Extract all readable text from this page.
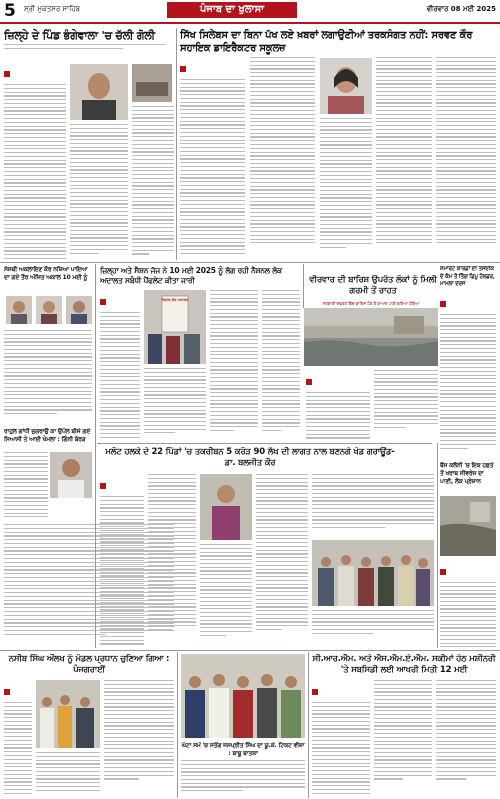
5 ਸ੍ਰੀ ਮੁਕਤਸਰ ਸਾਹਿਬ	ਪੰਜਾਬ ਦਾ ਖੁਲਾਸਾ	ਵੀਰਵਾਰ 08 ਮਈ 2025
ਜ਼ਿਲ੍ਹੇ ਦੇ ਪਿੰਡ ਭੰਗੇਵਾਲਾ 'ਚ ਚੱਲੀ ਗੋਲੀ	ਸਿੱਖ ਸਿਲੇਬਸ ਦਾ ਬਿਨਾ ਪੱਖ ਲਏ ਖ਼ਬਰਾਂ ਲਗਾਉਣੀਆਂ ਤਰਕਸੰਗਤ ਨਹੀਂ: ਸਰਵਣ ਕੌਰ ਸਹਾਇਕ ਡਾਇਰੈਕਟਰ ਸਕੂਲਜ਼
ਸੰਸਥੀ ਅਕਲਾਇਣ ਕੌਰ ਨਸ਼ਿਆ ਪਾਇਆ ਦਾ ਗਏ ਤੌਰ ਅੱਜਿਤ ਅਕਾਲ 10 ਮਈ ਨੂੰ
ਰਾਹੁਲ ਗਾਂਧੀ ਜੁਗਰਾਉ ਕਾ ਉਪੱਲ ਬੀਜੇ ਗਏ ਸਿਆਸੀ ਤੇ ਆਈ ਖੇਮਲਾ : ਗਿੰਨੀ ਬੱਰੜ
ਜ਼ਿਲ੍ਹਾ ਅਤੇ ਸੈਸ਼ਨ ਜੱਜ ਨੇ 10 ਮਈ 2025 ਨੂੰ ਲੱਗ ਰਹੀ ਨੈਸ਼ਨਲ ਲੋਕ ਅਦਾਲਤ ਸਬੰਧੀ ਪੈਂਫਲੇਟ ਕੀਤਾ ਜਾਰੀ
ਨੈਸ਼ਨਲ ਲੋਕ ਅਦਾਲਤ
ਵੀਰਵਾਰ ਦੀ ਬਾਰਿਸ਼ ਉਪਰੰਤ ਲੋਕਾਂ ਨੂੰ ਮਿਲੀ ਗਰਮੀ ਤੋਂ ਰਾਹਤ
ਸਮਾਰਟ ਕਾਰਡਾਂ ਦੀ ਤਸਦੀਕ ਦੇ ਕੰਮ ਤੋਂ ਤਿੰਗ ਡਿਪੂ ਹੋਲਡਰ, ਮਾਮਲਾ ਦਰਜ
ਸਰਕਾਰੀ ਦਫ਼ਤਰ ਵਿੱਚ ਬਾਰਿਸ਼ ਹੋਣ ਤੋਂ ਬਾਅਦ ਪਾਣੀ ਭਰਿਆ ਹੋਇਆ
ਮਲੋਟ ਹਲਕੇ ਦੇ 22 ਪਿੰਡਾਂ 'ਚ ਤਕਰੀਬਨ 5 ਕਰੋੜ 90 ਲੱਖ ਦੀ ਲਾਗਤ ਨਾਲ ਬਣਨਗੇ ਖੇਡ ਗਰਾਊਂਡ- ਡਾ. ਬਲਜੀਤ ਕੌਰ	ਬੈਂਸ ਕਲੋਨੀ 'ਚ ਇਕ ਹਫ਼ਤੇ ਤੋਂ ਖਰਾਬ ਸੀਵਰੇਜ ਦਾ ਪਾਣੀ, ਲੋਕ ਪ੍ਰੇਸ਼ਾਨ
ਨਸੀਬ ਸਿੰਘ ਔਲਖ ਨੂੰ ਮੰਡਲ ਪ੍ਰਧਾਨ ਚੁਣਿਆ ਗਿਆ : ਪੰਜਗਰਾਈਂ
ਘੱਟਾ ਸਮੇਂ 'ਚ ਸਤੋਂਗ ਜਸਪ੍ਰੀਤ ਸਿੰਘ ਦਾ ਯੂ.ਕੇ. ਟਿਕਟ ਵੀਜ਼ਾ : ਬਾਬੂ ਬਾਤਸ਼ਾ
ਸੀ.ਆਰ.ਐਮ. ਅਤੇ ਐਸ.ਐਮ.ਏ.ਐਮ. ਸਕੀਮਾਂ ਹੇਠ ਮਸ਼ੀਨਰੀ 'ਤੇ ਸਬਸਿਡੀ ਲਈ ਆਖਰੀ ਮਿਤੀ 12 ਮਈ
